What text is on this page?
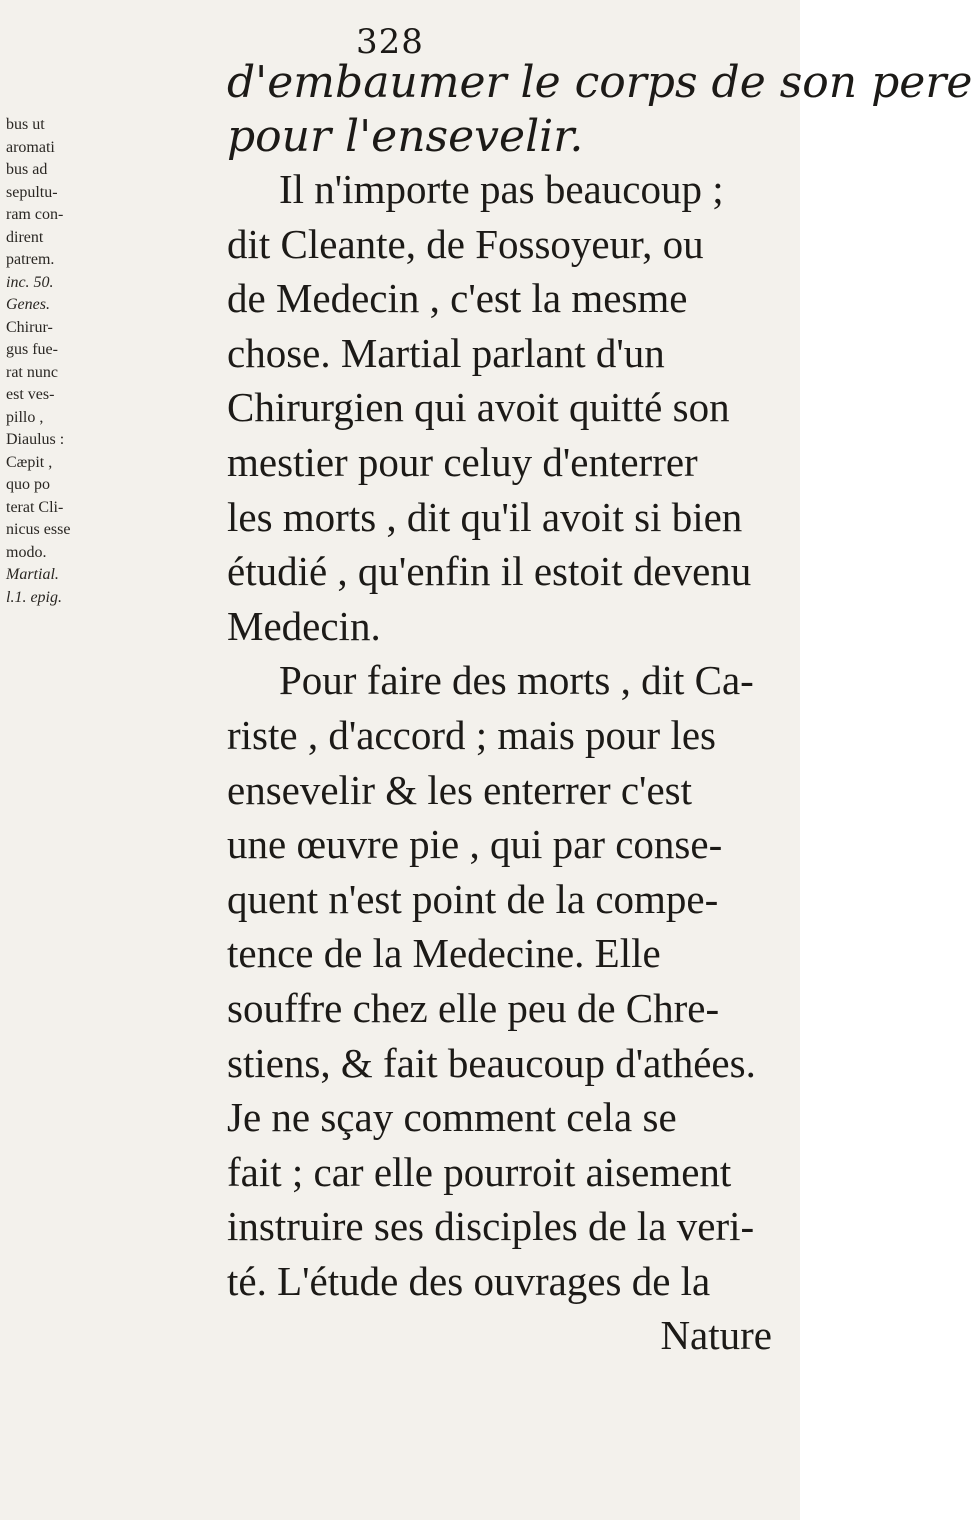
328
d'embaumer le corps de son pere
pour l'ensevelir.
bus ut
aromati
bus ad
sepultu-
ram con-
dirent
patrem.
inc. 50.
Genes.
Chirur-
gus fue-
rat nunc
est ves-
pillo ,
Diaulus :
Cæpit ,
quo po
terat Cli-
nicus esse
modo.
Martial.
l.1. epig.
Il n'importe pas beaucoup ;
dit Cleante, de Fossoyeur, ou
de Medecin , c'est la mesme
chose. Martial parlant d'un
Chirurgien qui avoit quitté son
mestier pour celuy d'enterrer
les morts , dit qu'il avoit si bien
étudié , qu'enfin il estoit devenu
Medecin.
Pour faire des morts , dit Ca-
riste , d'accord ; mais pour les
ensevelir & les enterrer c'est
une œuvre pie , qui par conse-
quent n'est point de la compe-
tence de la Medecine. Elle
souffre chez elle peu de Chre-
stiens, & fait beaucoup d'athées.
Je ne sçay comment cela se
fait ; car elle pourroit aisement
instruire ses disciples de la veri-
té. L'étude des ouvrages de la
Nature
